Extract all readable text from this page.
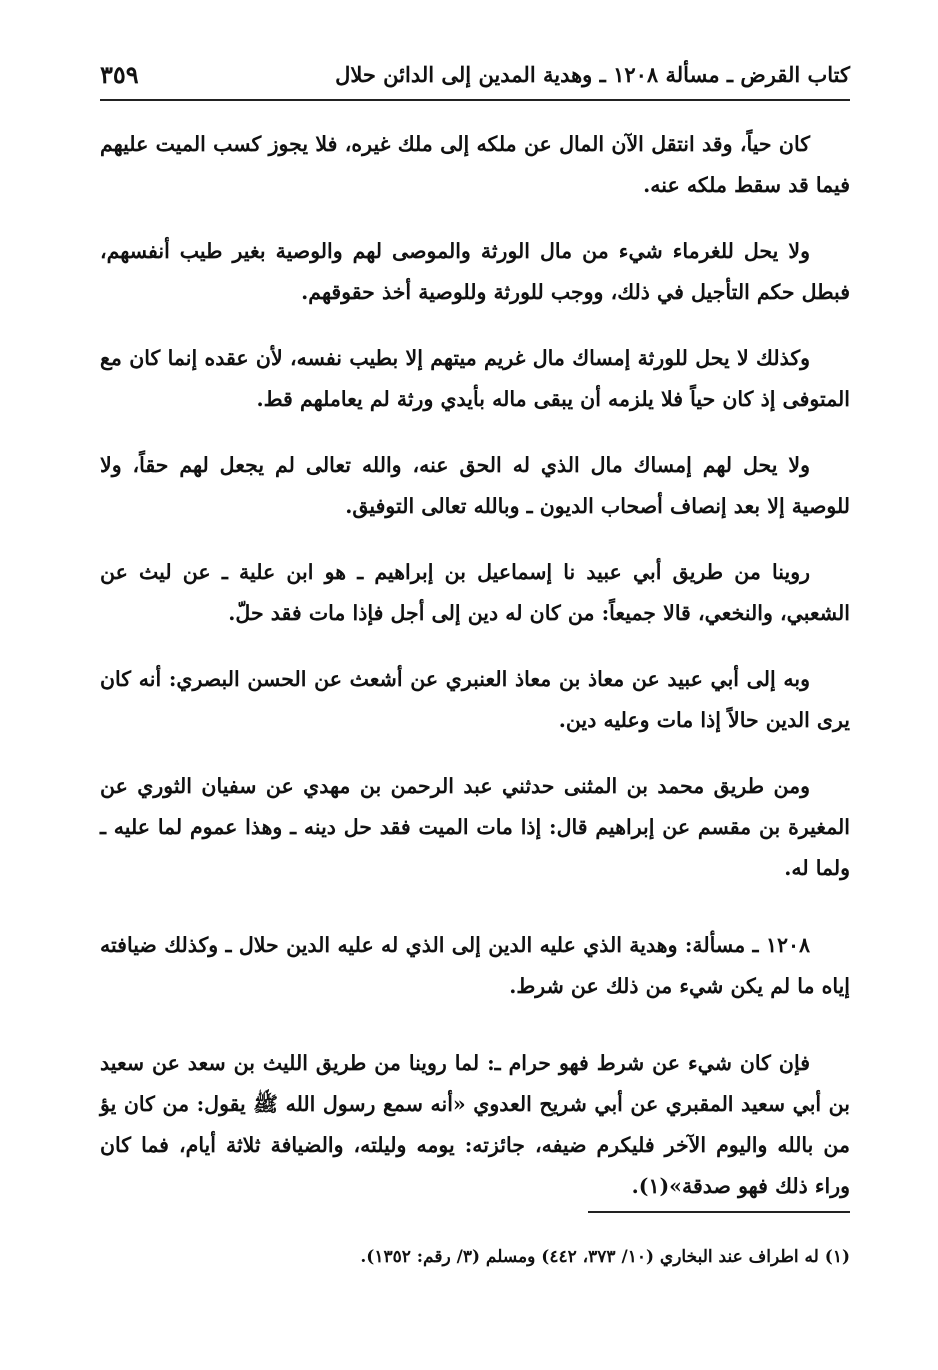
كتاب القرض ـ مسألة ١٢٠٨ ـ وهدية المدين إلى الدائن حلال
٣٥٩

كان حياً، وقد انتقل الآن المال عن ملكه إلى ملك غيره، فلا يجوز كسب الميت عليهم فيما قد سقط ملكه عنه.

ولا يحل للغرماء شيء من مال الورثة والموصى لهم والوصية بغير طيب أنفسهم، فبطل حكم التأجيل في ذلك، ووجب للورثة وللوصية أخذ حقوقهم.

وكذلك لا يحل للورثة إمساك مال غريم ميتهم إلا بطيب نفسه، لأن عقده إنما كان مع المتوفى إذ كان حياً فلا يلزمه أن يبقى ماله بأيدي ورثة لم يعاملهم قط.

ولا يحل لهم إمساك مال الذي له الحق عنه، والله تعالى لم يجعل لهم حقاً، ولا للوصية إلا بعد إنصاف أصحاب الديون ـ وبالله تعالى التوفيق.

روينا من طريق أبي عبيد نا إسماعيل بن إبراهيم ـ هو ابن علية ـ عن ليث عن الشعبي، والنخعي، قالا جميعاً: من كان له دين إلى أجل فإذا مات فقد حلّ.

وبه إلى أبي عبيد عن معاذ بن معاذ العنبري عن أشعث عن الحسن البصري: أنه كان يرى الدين حالاً إذا مات وعليه دين.

ومن طريق محمد بن المثنى حدثني عبد الرحمن بن مهدي عن سفيان الثوري عن المغيرة بن مقسم عن إبراهيم قال: إذا مات الميت فقد حل دينه ـ وهذا عموم لما عليه ـ ولما له.

١٢٠٨ ـ مسألة: وهدية الذي عليه الدين إلى الذي له عليه الدين حلال ـ وكذلك ضيافته إياه ما لم يكن شيء من ذلك عن شرط.

فإن كان شيء عن شرط فهو حرام ـ: لما روينا من طريق الليث بن سعد عن سعيد بن أبي سعيد المقبري عن أبي شريح العدوي «أنه سمع رسول الله ﷺ يقول: من كان يؤ من بالله واليوم الآخر فليكرم ضيفه، جائزته: يومه وليلته، والضيافة ثلاثة أيام، فما كان وراء ذلك فهو صدقة»(١).

(١) له اطراف عند البخاري (١٠/ ٣٧٣، ٤٤٢) ومسلم (٣/ رقم: ١٣٥٢).
